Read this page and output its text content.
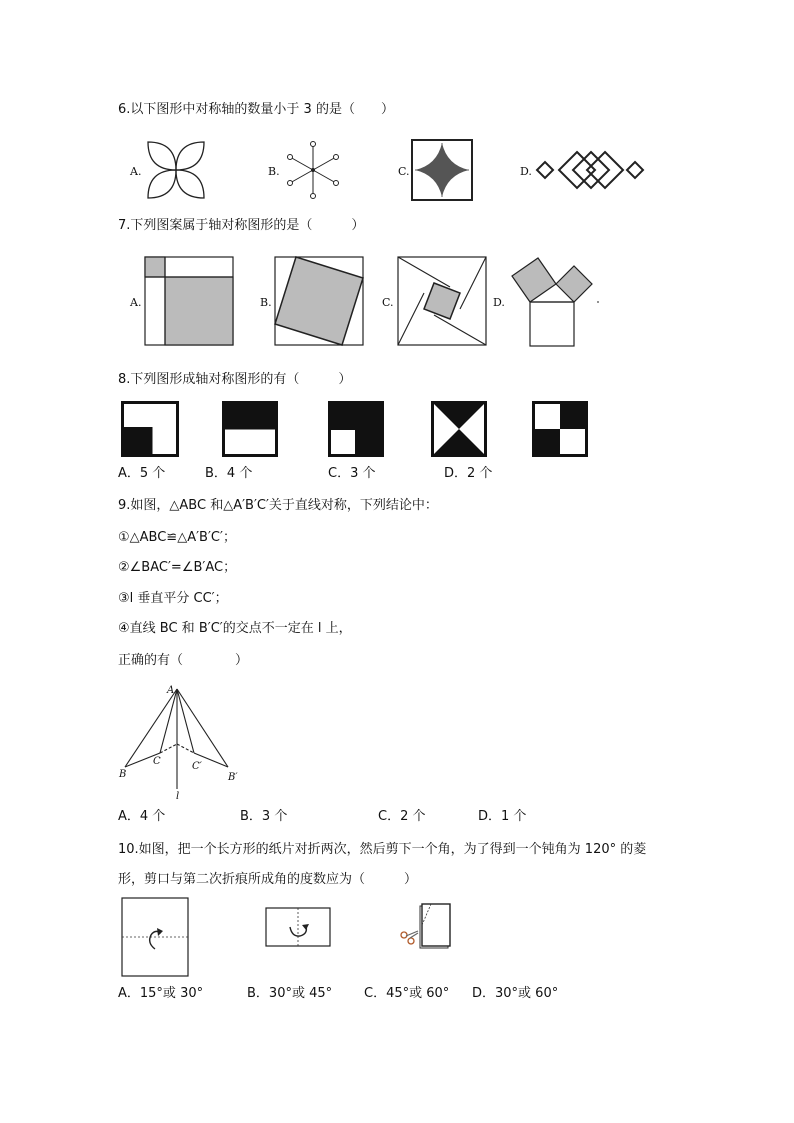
6.以下图形中对称轴的数量小于 3 的是（　　）
A.	B.	C.	D.
7.下列图案属于轴对称图形的是（　　　）
A.	B.	C.	D.
8.下列图形成轴对称图形的有（　　　）
A．5 个	B．4 个	C．3 个	D．2 个
9.如图，△ABC 和△A′B′C′关于直线对称，下列结论中：
①△ABC≌△A′B′C′；
②∠BAC′=∠B′AC；
③l 垂直平分 CC′；
④直线 BC 和 B′C′的交点不一定在 l 上，
正确的有（　　　　）
A
B
C	C′
B′
l
A．4 个	B．3 个	C．2 个	D．1 个
10.如图，把一个长方形的纸片对折两次，然后剪下一个角，为了得到一个钝角为 120° 的菱
形，剪口与第二次折痕所成角的度数应为（　　　）
A．15°或 30°	B．30°或 45° C．45°或 60° D．30°或 60°
